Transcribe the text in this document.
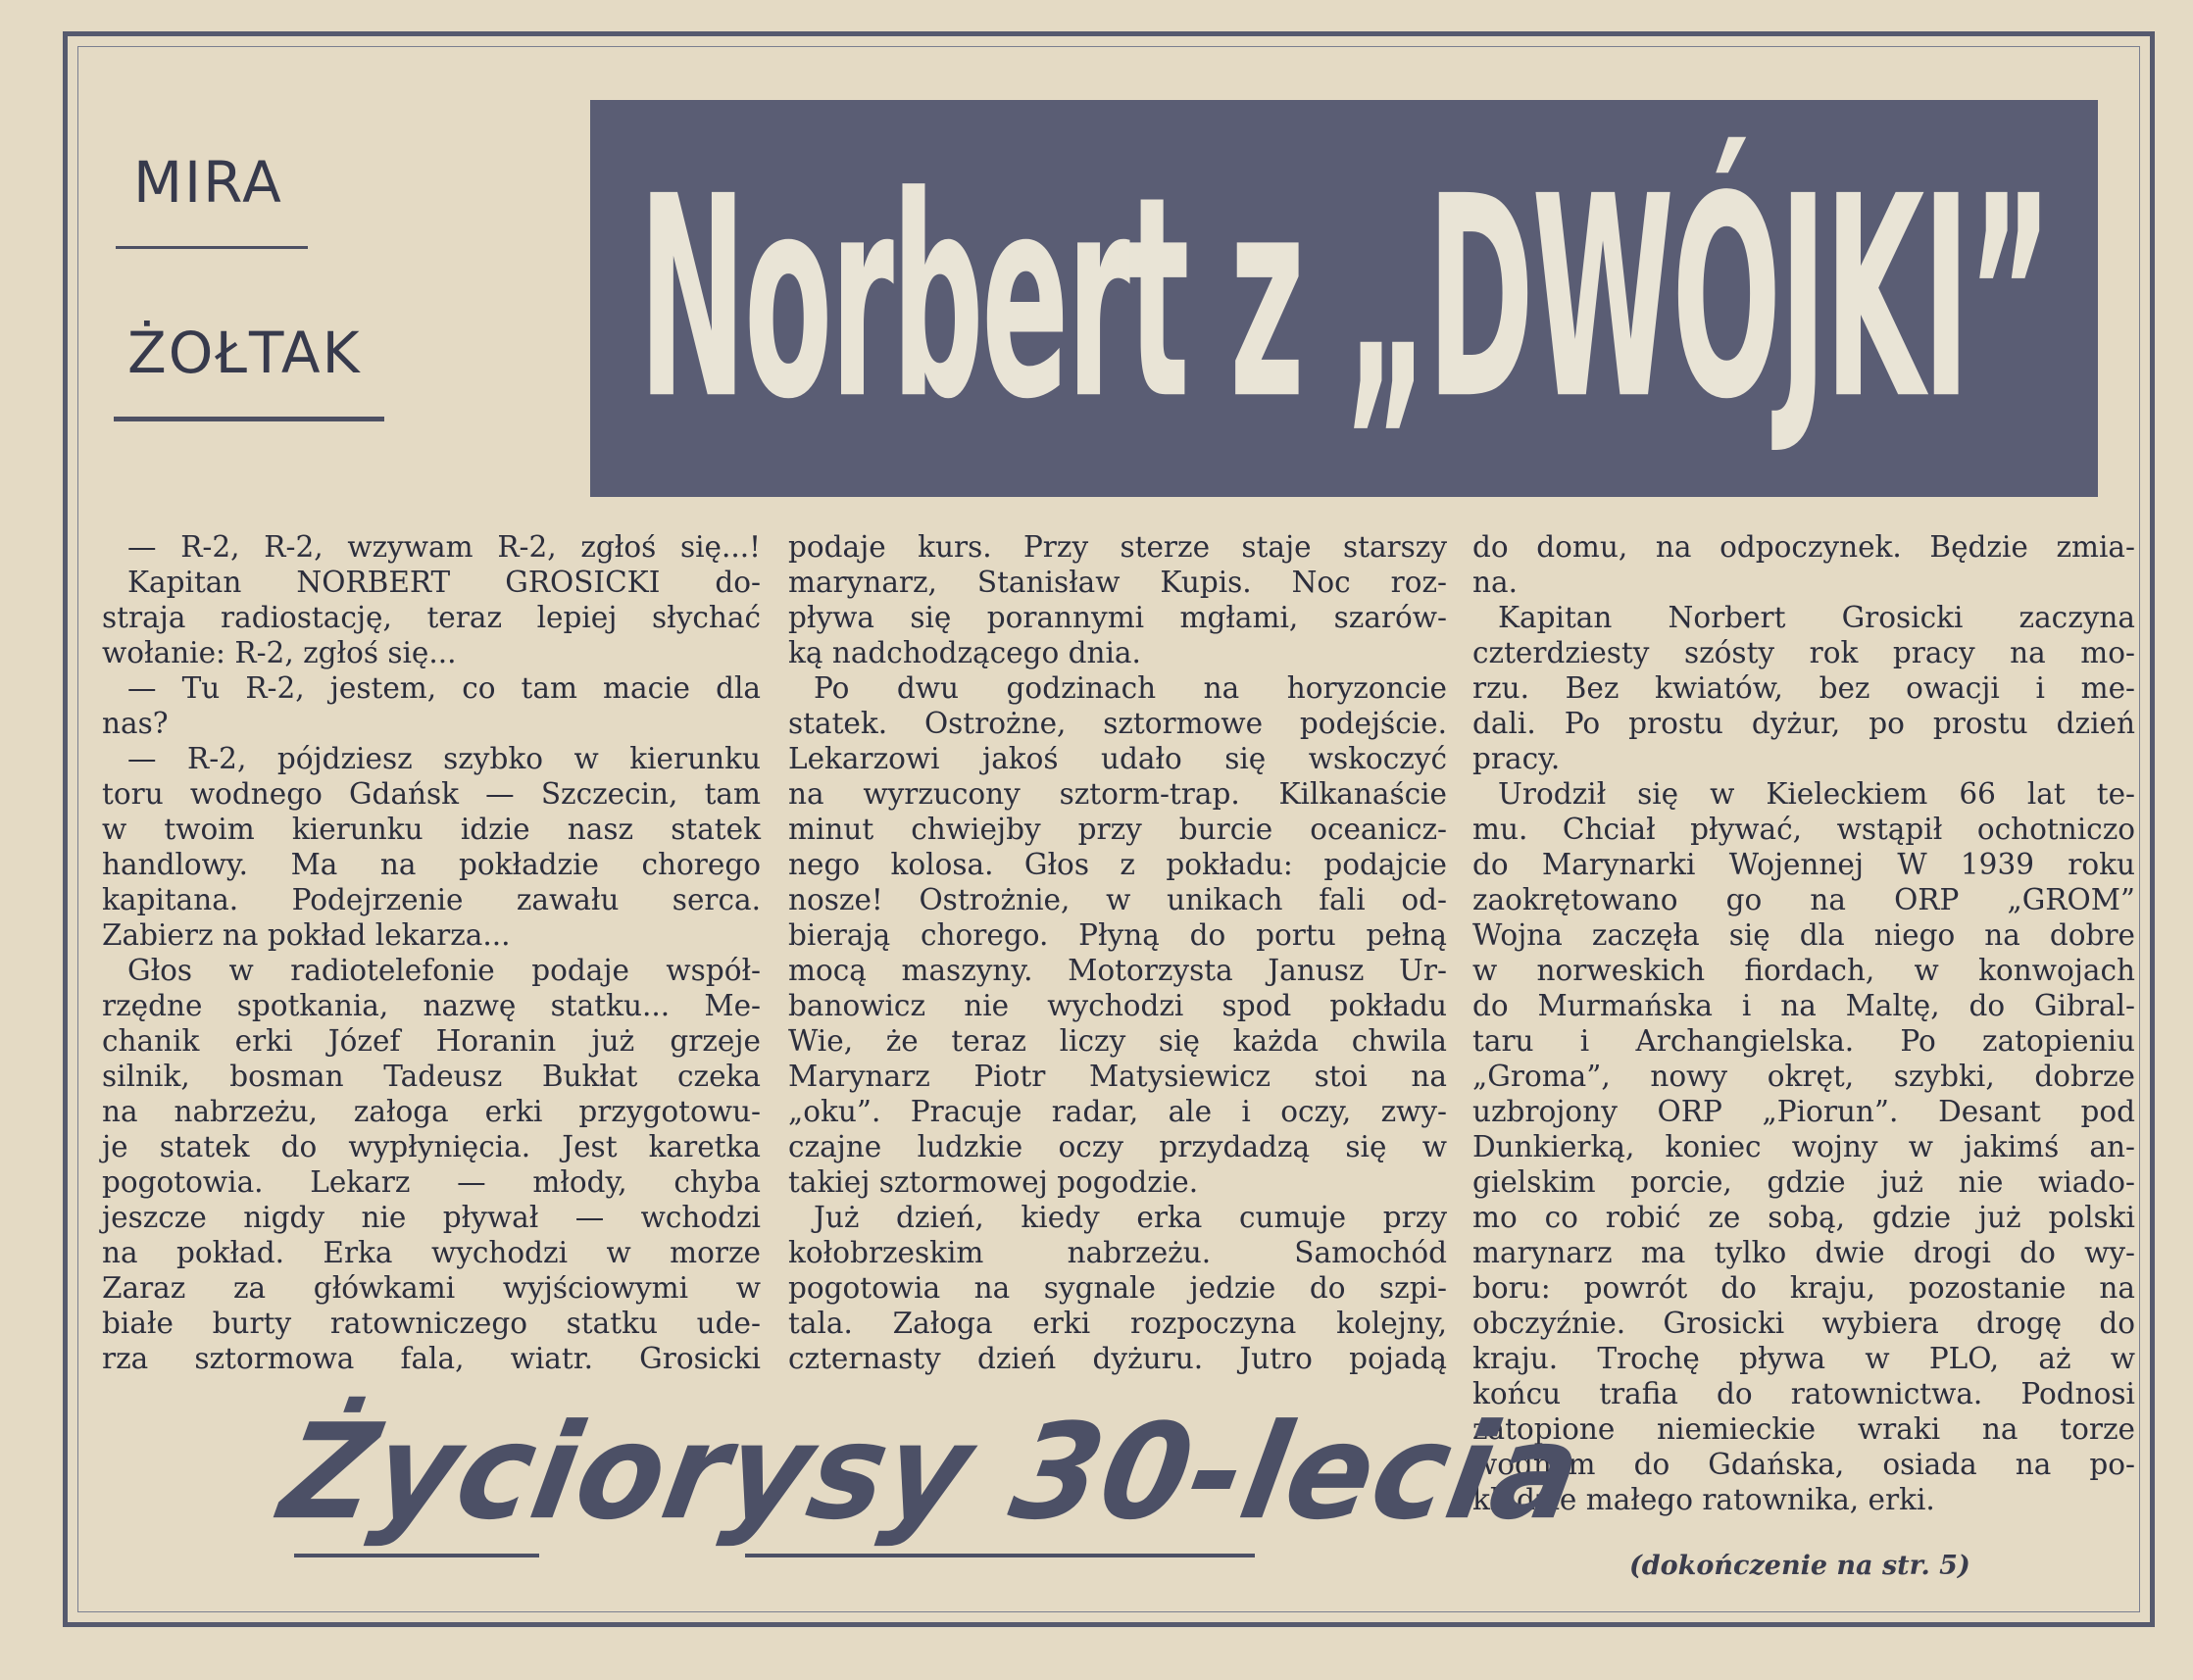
MIRA
ŻOŁTAK Norbert z „DWÓJKI”
— R-2, R-2, wzywam R-2, zgłoś się...!
Kapitan NORBERT GROSICKI do-
straja radiostację, teraz lepiej słychać
wołanie: R-2, zgłoś się...
— Tu R-2, jestem, co tam macie dla
nas?
— R-2, pójdziesz szybko w kierunku
toru wodnego Gdańsk — Szczecin, tam
w twoim kierunku idzie nasz statek
handlowy. Ma na pokładzie chorego
kapitana. Podejrzenie zawału serca.
Zabierz na pokład lekarza...
Głos w radiotelefonie podaje współ-
rzędne spotkania, nazwę statku... Me-
chanik erki Józef Horanin już grzeje
silnik, bosman Tadeusz Bukłat czeka
na nabrzeżu, załoga erki przygotowu-
je statek do wypłynięcia. Jest karetka
pogotowia. Lekarz — młody, chyba
jeszcze nigdy nie pływał — wchodzi
na pokład. Erka wychodzi w morze
Zaraz za główkami wyjściowymi w
białe burty ratowniczego statku ude-
rza sztormowa fala, wiatr. Grosicki
podaje kurs. Przy sterze staje starszy
marynarz, Stanisław Kupis. Noc roz-
pływa się porannymi mgłami, szarów-
ką nadchodzącego dnia.
Po dwu godzinach na horyzoncie
statek. Ostrożne, sztormowe podejście.
Lekarzowi jakoś udało się wskoczyć
na wyrzucony sztorm-trap. Kilkanaście
minut chwiejby przy burcie oceanicz-
nego kolosa. Głos z pokładu: podajcie
nosze! Ostrożnie, w unikach fali od-
bierają chorego. Płyną do portu pełną
mocą maszyny. Motorzysta Janusz Ur-
banowicz nie wychodzi spod pokładu
Wie, że teraz liczy się każda chwila
Marynarz Piotr Matysiewicz stoi na
„oku”. Pracuje radar, ale i oczy, zwy-
czajne ludzkie oczy przydadzą się w
takiej sztormowej pogodzie.
Już dzień, kiedy erka cumuje przy
kołobrzeskim nabrzeżu. Samochód
pogotowia na sygnale jedzie do szpi-
tala. Załoga erki rozpoczyna kolejny,
czternasty dzień dyżuru. Jutro pojadą
do domu, na odpoczynek. Będzie zmia-
na.
Kapitan Norbert Grosicki zaczyna
czterdziesty szósty rok pracy na mo-
rzu. Bez kwiatów, bez owacji i me-
dali. Po prostu dyżur, po prostu dzień
pracy.
Urodził się w Kieleckiem 66 lat te-
mu. Chciał pływać, wstąpił ochotniczo
do Marynarki Wojennej W 1939 roku
zaokrętowano go na ORP „GROM”
Wojna zaczęła się dla niego na dobre
w norweskich fiordach, w konwojach
do Murmańska i na Maltę, do Gibral-
taru i Archangielska. Po zatopieniu
„Groma”, nowy okręt, szybki, dobrze
uzbrojony ORP „Piorun”. Desant pod
Dunkierką, koniec wojny w jakimś an-
gielskim porcie, gdzie już nie wiado-
mo co robić ze sobą, gdzie już polski
marynarz ma tylko dwie drogi do wy-
boru: powrót do kraju, pozostanie na
obczyźnie. Grosicki wybiera drogę do
kraju. Trochę pływa w PLO, aż w
końcu trafia do ratownictwa. Podnosi
zatopione niemieckie wraki na torze
wodnym do Gdańska, osiada na po-
kładzie małego ratownika, erki.
Życiorysy 30-lecia
(dokończenie na str. 5)
